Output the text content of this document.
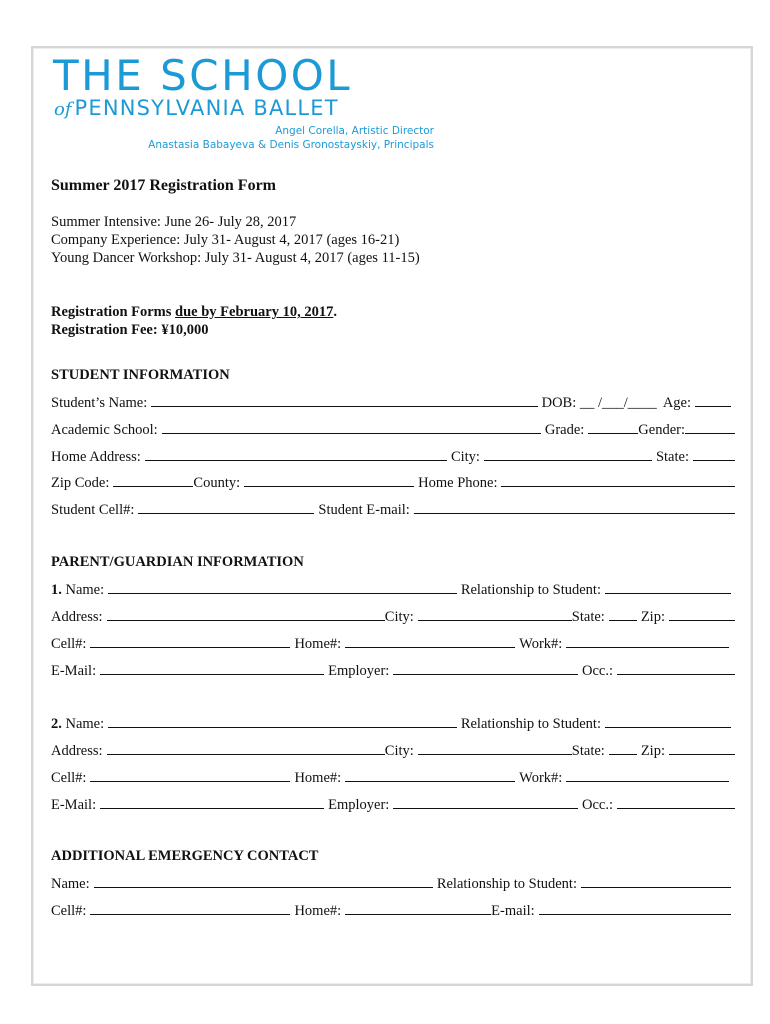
THE SCHOOL
of PENNSYLVANIA BALLET
Angel Corella, Artistic Director
Anastasia Babayeva & Denis Gronostayskiy, Principals
Summer 2017 Registration Form
Summer Intensive: June 26- July 28, 2017
Company Experience: July 31- August 4, 2017 (ages 16-21)
Young Dancer Workshop: July 31- August 4, 2017 (ages 11-15)
Registration Forms due by February 10, 2017.
Registration Fee: ¥10,000
STUDENT INFORMATION
Student’s Name:	DOB: __ /___/____ Age:
Academic School:	Grade:	Gender:
Home Address:	City:	State:
Zip Code:	County:	Home Phone:
Student Cell#:	Student E-mail:
PARENT/GUARDIAN INFORMATION
1. Name:	Relationship to Student:
Address:	City:	State: Zip:
Cell#:	Home#:	Work#:
E-Mail:	Employer:	Occ.:
2. Name:	Relationship to Student:
Address:	City:	State: Zip:
Cell#:	Home#:	Work#:
E-Mail:	Employer:	Occ.:
ADDITIONAL EMERGENCY CONTACT
Name:	Relationship to Student:
Cell#:	Home#:	E-mail:
